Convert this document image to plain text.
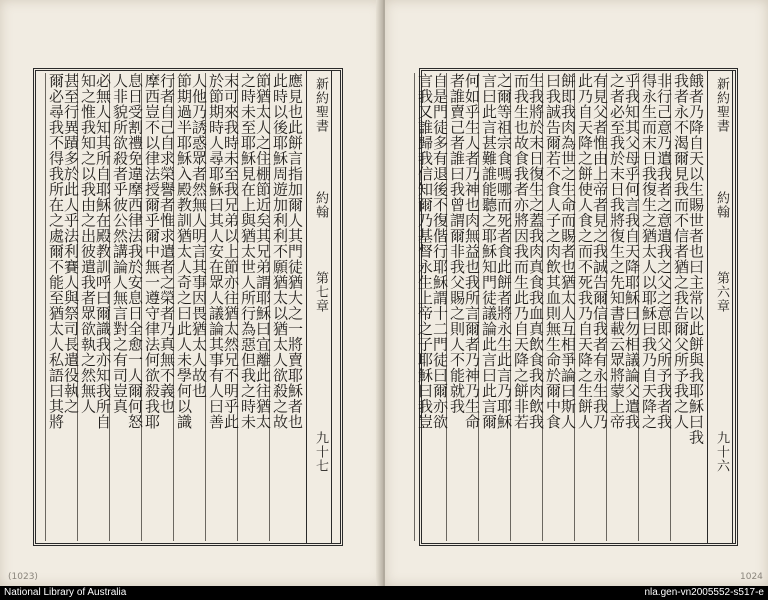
新約聖書
約翰
第七章
九十七
應見也此餅言指加爾人其門徒猶大之一將賣耶穌者也
此時以後耶穌周遊加利利不願猶太以猶太人欲殺之故
節猶太人之住棚節近矣其兄弟謂耶穌曰宜離此往猶太
之時未至耶穌見在上與猶太世人所行為惡但我之時未
末可來我時未至我兄弟以上節亦往猶太然兄不明乎此
於節期時人尋耶穌曰其人安在眾人議論其事有人曰善
人他乃誘惑眾者然無人明言其事因畏猶太人故也
節期過半耶穌入殿教訓猶太人奇之曰此人未學何以識
行者自己自求榮譽者惟求遣者之榮者乃真無不義也
摩西豈不以律法授爾乎爾中無一遵守律法何欲殺我耶
息日受割禮免違摩西律法我於安息日全愈一人爾何怒
人非貌所欲殺者乎彼公然講論人無言對之有司豈真
必無人知其所自耶穌在殿教訓呼曰爾識我亦知我所自
知之惟我知之以我由之出彼遣我者眾欲執之然無人
甚至行異蹟多於此人乎法利賽人與祭司長遣役執之
爾必尋我不得我所在之處爾不能至猶太人私語曰其將
(1023)
新約聖書
約翰
第六章
九十六
餓者乃降自天以生賜世者也曰主常以此餅與我耶穌曰我
我者永不渴爾見我而不信者猶之我告爾父所予我之人
非行己意乃遣我者之意遣我之父之意即父所予我者我
得永生而末日我復生之猶太人以耶穌曰我乃自天降之
乎我知其父母乎何言我自天降耶穌曰勿相議論父遣我
之者必至我於末日我將復生之先知書載云眾將蒙上帝
有見父者惟由上帝者見之我誠告爾信我者有永生我乃
此乃自天降之餅使人食之而不死我乃自天降之生餅人
餅即我肉為世之生命而賜者也猶太人互相爭論曰斯人
曰我誠告爾若不食人子之肉飲其血則無生命於爾中食
生我將於末日復生之蓋我肉真食我血真飲食我肉飲我
而我生也故食我者亦將因我而生此乃自天降之餅非若
之爾等祖宗食嗎哪而死者食此餅者將永生此言乃耶穌
言曰此言甚難誰能聽之耶穌知門徒議論此言曰此言爾
何如乎生人者乃神也肉無益也我所言爾者乃神乃生命
者誰賣己者誰曰我曾謂爾非我父賜之則人不能就我
自是門徒多有退後不復偕行耶穌謂十二門徒曰爾亦欲
言我又誰歸我信知爾乃基督永生上帝之子耶穌曰我豈
1024
National Library of Australia	nla.gen-vn2005552-s517-e
